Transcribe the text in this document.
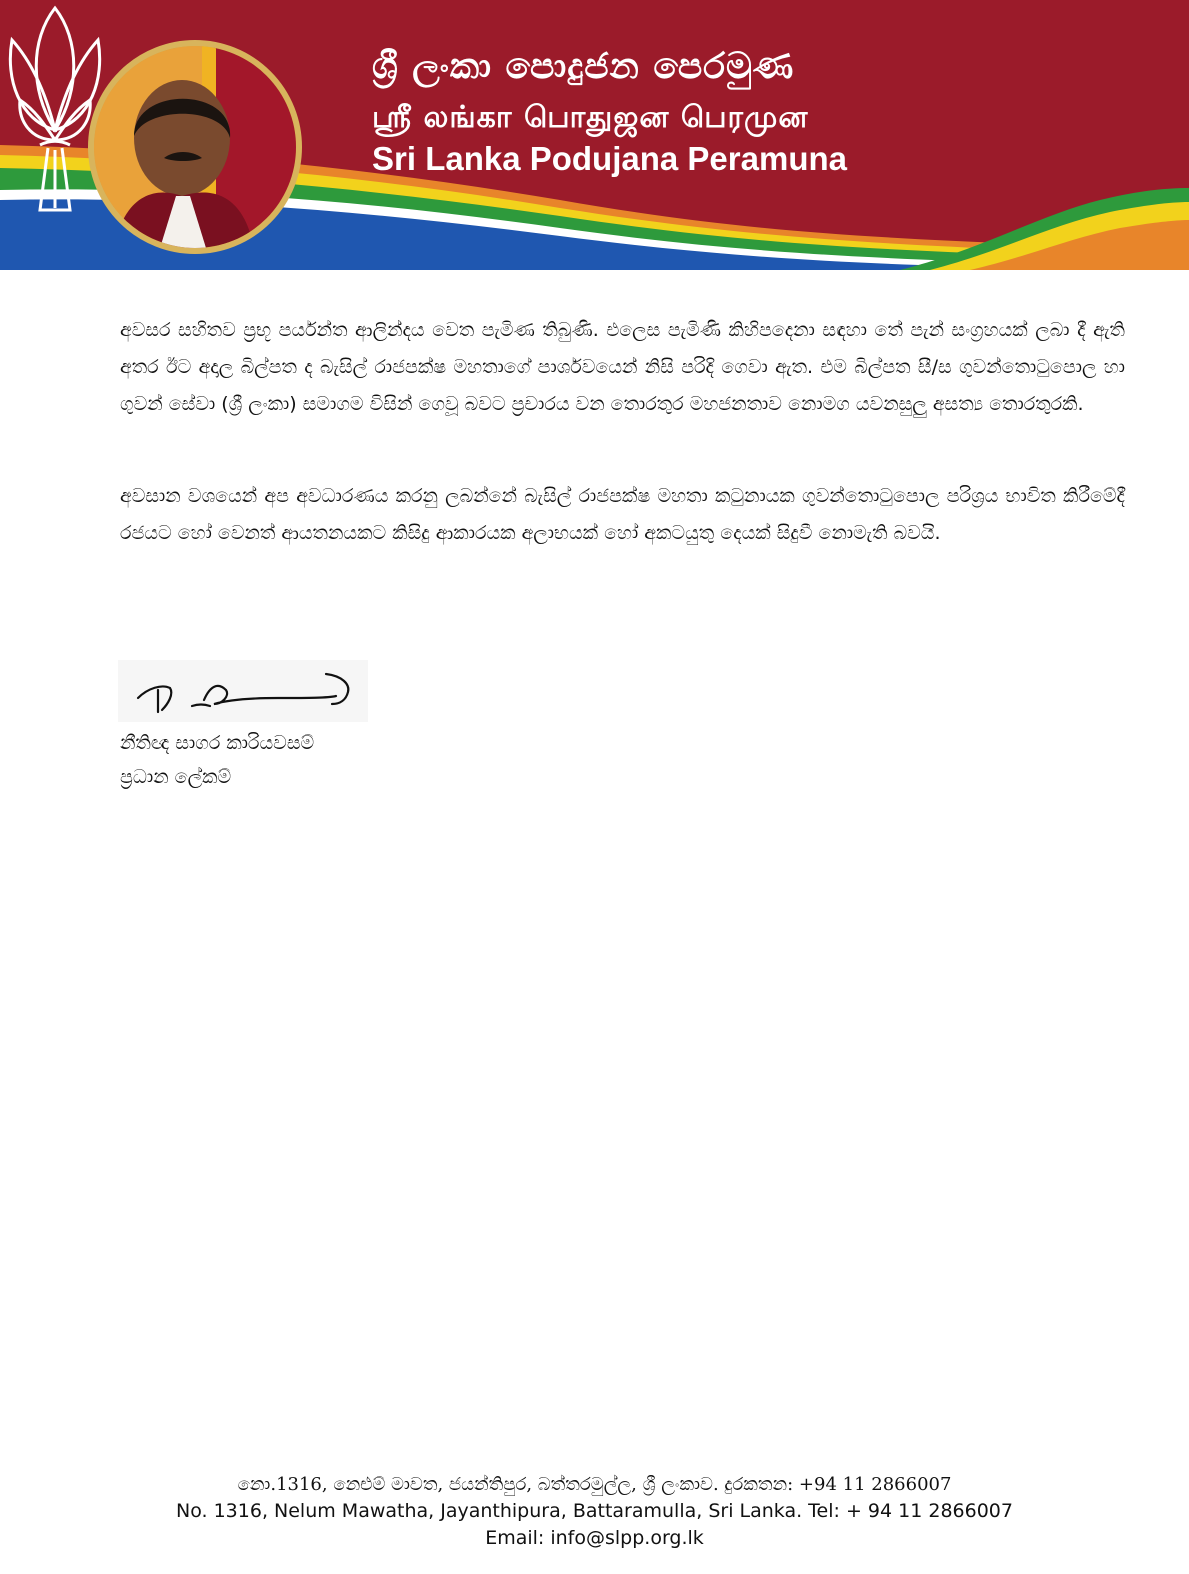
ශ්‍රී ලංකා පොදුජන පෙරමුණ
ஸ்ரீ லங்கா பொதுஜன பெரமுன
Sri Lanka Podujana Peramuna
අවසර සහිතව ප්‍රභූ පර්යන්ත ආලින්දය වෙත පැමිණ තිබුණි. එලෙස පැමිණි කිහිපදෙනා සඳහා තේ පැන් සංග්‍රහයක් ලබා දී ඇති අතර ඊට අදාල බිල්පත ද බැසිල් රාජපක්ෂ මහතාගේ පාර්ශවයෙන් නිසි පරිදි ගෙවා ඇත. එම බිල්පත සී/ස ගුවන්තොටුපොල හා ගුවන් සේවා (ශ්‍රී ලංකා) සමාගම විසින් ගෙවූ බවට ප්‍රචාරය වන තොරතුර මහජනතාව නොමග යවනසුලු අසත්‍ය තොරතුරකි.
අවසාන වශයෙන් අප අවධාරණය කරනු ලබන්නේ බැසිල් රාජපක්ෂ මහතා කටුනායක ගුවන්තොටුපොල පරිශ්‍රය භාවිත කිරීමේදී රජයට හෝ වෙනත් ආයතනයකට කිසිදු ආකාරයක අලාභයක් හෝ අකටයුතු දෙයක් සිදුවී නොමැති බවයි.
නීතිඥ සාගර කාරියවසම්
ප්‍රධාන ලේකම්
නො.1316, නෙළුම් මාවත, ජයන්තිපුර, බත්තරමුල්ල, ශ්‍රී ලංකාව. දුරකතන: +94 11 2866007
No. 1316, Nelum Mawatha, Jayanthipura, Battaramulla, Sri Lanka. Tel: + 94 11 2866007
Email: info@slpp.org.lk
